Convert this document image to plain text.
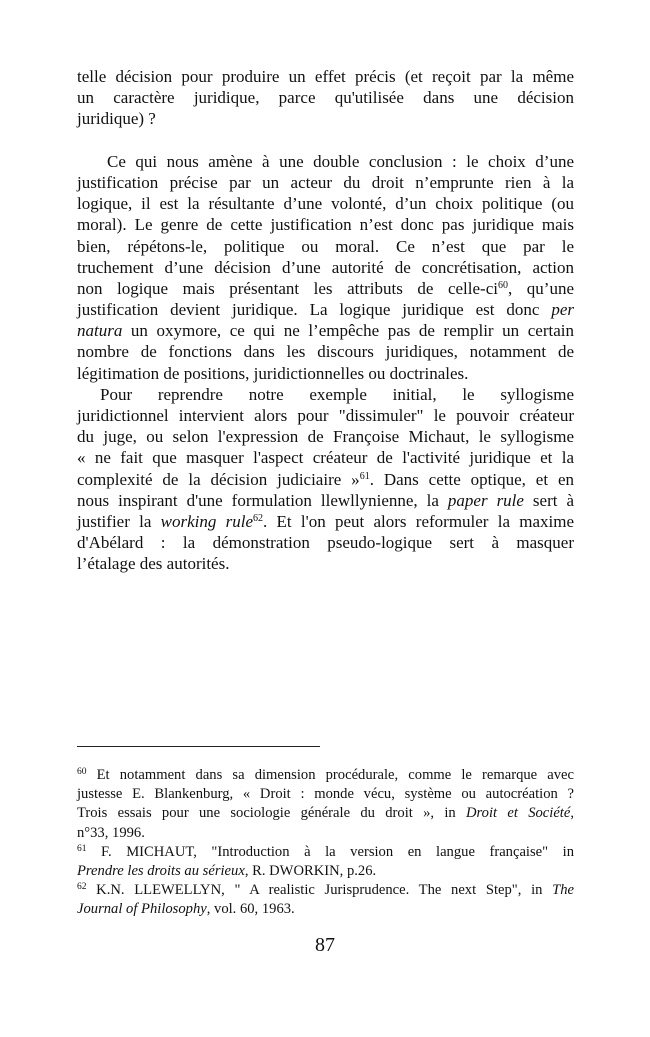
telle décision pour produire un effet précis (et reçoit par la même
un caractère juridique, parce qu'utilisée dans une décision
juridique) ?
Ce qui nous amène à une double conclusion : le choix d’une
justification précise par un acteur du droit n’emprunte rien à la
logique, il est la résultante d’une volonté, d’un choix politique (ou
moral). Le genre de cette justification n’est donc pas juridique mais
bien, répétons-le, politique ou moral. Ce n’est que par le
truchement d’une décision d’une autorité de concrétisation, action
non logique mais présentant les attributs de celle-$ci^{60}$, qu’une
justification devient juridique. La logique juridique est donc per
natura un oxymore, ce qui ne l’empêche pas de remplir un certain
nombre de fonctions dans les discours juridiques, notamment de
légitimation de positions, juridictionnelles ou doctrinales.
Pour reprendre notre exemple initial, le syllogisme
juridictionnel intervient alors pour "dissimuler" le pouvoir créateur
du juge, ou selon l'expression de Françoise Michaut, le syllogisme
« ne fait que masquer l'aspect créateur de l'activité juridique et la
complexité de la décision judiciaire »$^{61}$. Dans cette optique, et en
nous inspirant d'une formulation llewllynienne, la paper rule sert à
justifier la working rule$^{62}$. Et l'on peut alors reformuler la maxime
d'Abélard : la démonstration pseudo-logique sert à masquer
l’étalage des autorités.
$^{60}$ Et notamment dans sa dimension procédurale, comme le remarque avec
justesse E. Blankenburg, « Droit : monde vécu, système ou autocréation ?
Trois essais pour une sociologie générale du droit », in Droit et Société,
n°33, 1996.
$^{61}$ F. MICHAUT, "Introduction à la version en langue française" in
Prendre les droits au sérieux, R. DWORKIN, p.26.
$^{62}$ K.N. LLEWELLYN, " A realistic Jurisprudence. The next Step", in The
Journal of Philosophy, vol. 60, 1963.
87
